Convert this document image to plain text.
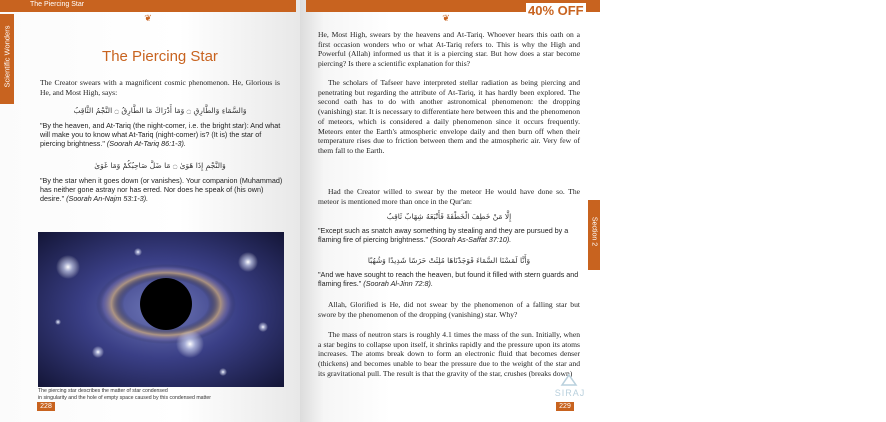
The Piercing Star
❦
Scientific Wonders	The Piercing Star
The Creator swears with a magnificent cosmic phenomenon. He, Glorious is He, and Most High, says:
وَالسَّمَاءِ وَالطَّارِقِ ۝ وَمَا أَدْرَاكَ مَا الطَّارِقُ ۝ النَّجْمُ الثَّاقِبُ
"By the heaven, and At-Tariq (the night-comer, i.e. the bright star): And what will make you to know what At-Tariq (night-comer) is? (It is) the star of piercing brightness." (Soorah At-Tariq 86:1-3).
وَالنَّجْمِ إِذَا هَوَىٰ ۝ مَا ضَلَّ صَاحِبُكُمْ وَمَا غَوَىٰ
"By the star when it goes down (or vanishes). Your companion (Muhammad) has neither gone astray nor has erred. Nor does he speak of (his own) desire." (Soorah An-Najm 53:1-3).
The piercing star describes the matter of star condensed
in singularity and the hole of empty space caused by this condensed matter
228
Th
❦	40% OFF
He, Most High, swears by the heavens and At-Tariq. Whoever hears this oath on a first occasion wonders who or what At-Tariq refers to. This is why the High and Powerful (Allah) informed us that it is a piercing star. But how does a star become piercing? Is there a scientific explanation for this?
The scholars of Tafseer have interpreted stellar radiation as being piercing and penetrating but regarding the attribute of At-Tariq, it has hardly been explored. The second oath has to do with another astronomical phenomenon: the dropping (vanishing) star. It is necessary to differentiate here between this and the phenomenon of meteors, which is considered a daily phenomenon since it occurs frequently. Meteors enter the Earth's atmospheric envelope daily and then burn off when their temperature rises due to friction between them and the atmospheric air. Very few of them fall to the Earth.
Had the Creator willed to swear by the meteor He would have done so. The meteor is mentioned more than once in the Qur'an:
إِلَّا مَنْ خَطِفَ الْخَطْفَةَ فَأَتْبَعَهُ شِهَابٌ ثَاقِبٌ
"Except such as snatch away something by stealing and they are pursued by a flaming fire of piercing brightness." (Soorah As-Saffat 37:10).
وَأَنَّا لَمَسْنَا السَّمَاءَ فَوَجَدْنَاهَا مُلِئَتْ حَرَسًا شَدِيدًا وَشُهُبًا
"And we have sought to reach the heaven, but found it filled with stern guards and flaming fires." (Soorah Al-Jinn 72:8).
Allah, Glorified is He, did not swear by the phenomenon of a falling star but swore by the phenomenon of the dropping (vanishing) star. Why?
The mass of neutron stars is roughly 4.1 times the mass of the sun. Initially, when a star begins to collapse upon itself, it shrinks rapidly and the pressure upon its atoms increases. The atoms break down to form an electronic fluid that becomes denser (thickens) and becomes unable to bear the pressure due to the weight of the star and its gravitational pull. The result is that the gravity of the star, crushes (breaks down)
Section 2
SIRAJ
229
